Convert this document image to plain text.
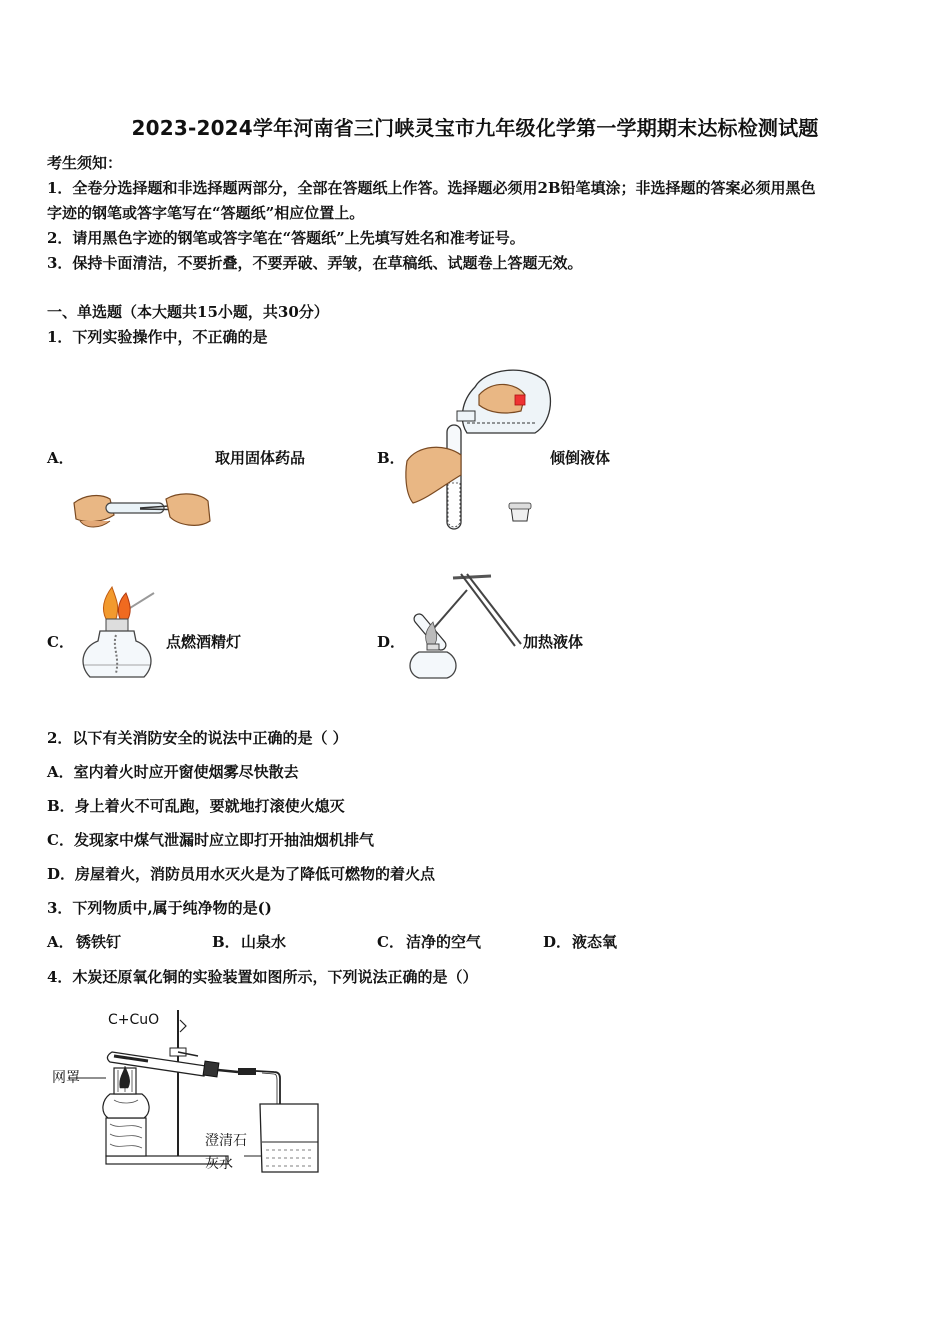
2023-2024学年河南省三门峡灵宝市九年级化学第一学期期末达标检测试题
考生须知：
1．全卷分选择题和非选择题两部分，全部在答题纸上作答。选择题必须用2B铅笔填涂；非选择题的答案必须用黑色
字迹的钢笔或答字笔写在“答题纸”相应位置上。
2．请用黑色字迹的钢笔或答字笔在“答题纸”上先填写姓名和准考证号。
3．保持卡面清洁，不要折叠，不要弄破、弄皱，在草稿纸、试题卷上答题无效。
一、单选题（本大题共15小题，共30分）
1．下列实验操作中，不正确的是
A．	取用固体药品	B．	倾倒液体
C．	点燃酒精灯	D．	加热液体
2．以下有关消防安全的说法中正确的是（ ）
A．室内着火时应开窗使烟雾尽快散去
B．身上着火不可乱跑，要就地打滚使火熄灭
C．发现家中煤气泄漏时应立即打开抽油烟机排气
D．房屋着火，消防员用水灭火是为了降低可燃物的着火点
3．下列物质中,属于纯净物的是()
A． 锈铁钉	B． 山泉水	C． 洁净的空气	D． 液态氧
4．木炭还原氧化铜的实验装置如图所示，下列说法正确的是（）
C+CuO
网罩
澄清石
灰水
